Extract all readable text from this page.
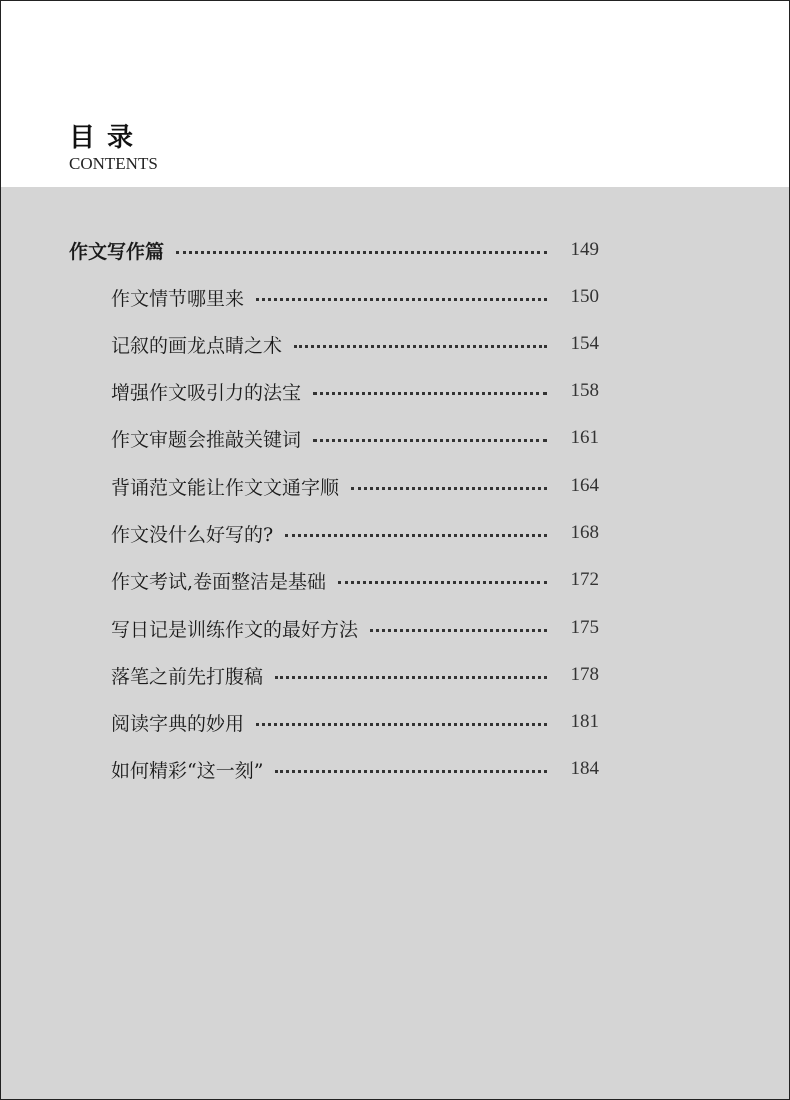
目录
CONTENTS
作文写作篇	149
作文情节哪里来	150
记叙的画龙点睛之术	154
增强作文吸引力的法宝	158
作文审题会推敲关键词	161
背诵范文能让作文文通字顺	164
作文没什么好写的?	168
作文考试,卷面整洁是基础	172
写日记是训练作文的最好方法	175
落笔之前先打腹稿	178
阅读字典的妙用	181
如何精彩“这一刻”	184
